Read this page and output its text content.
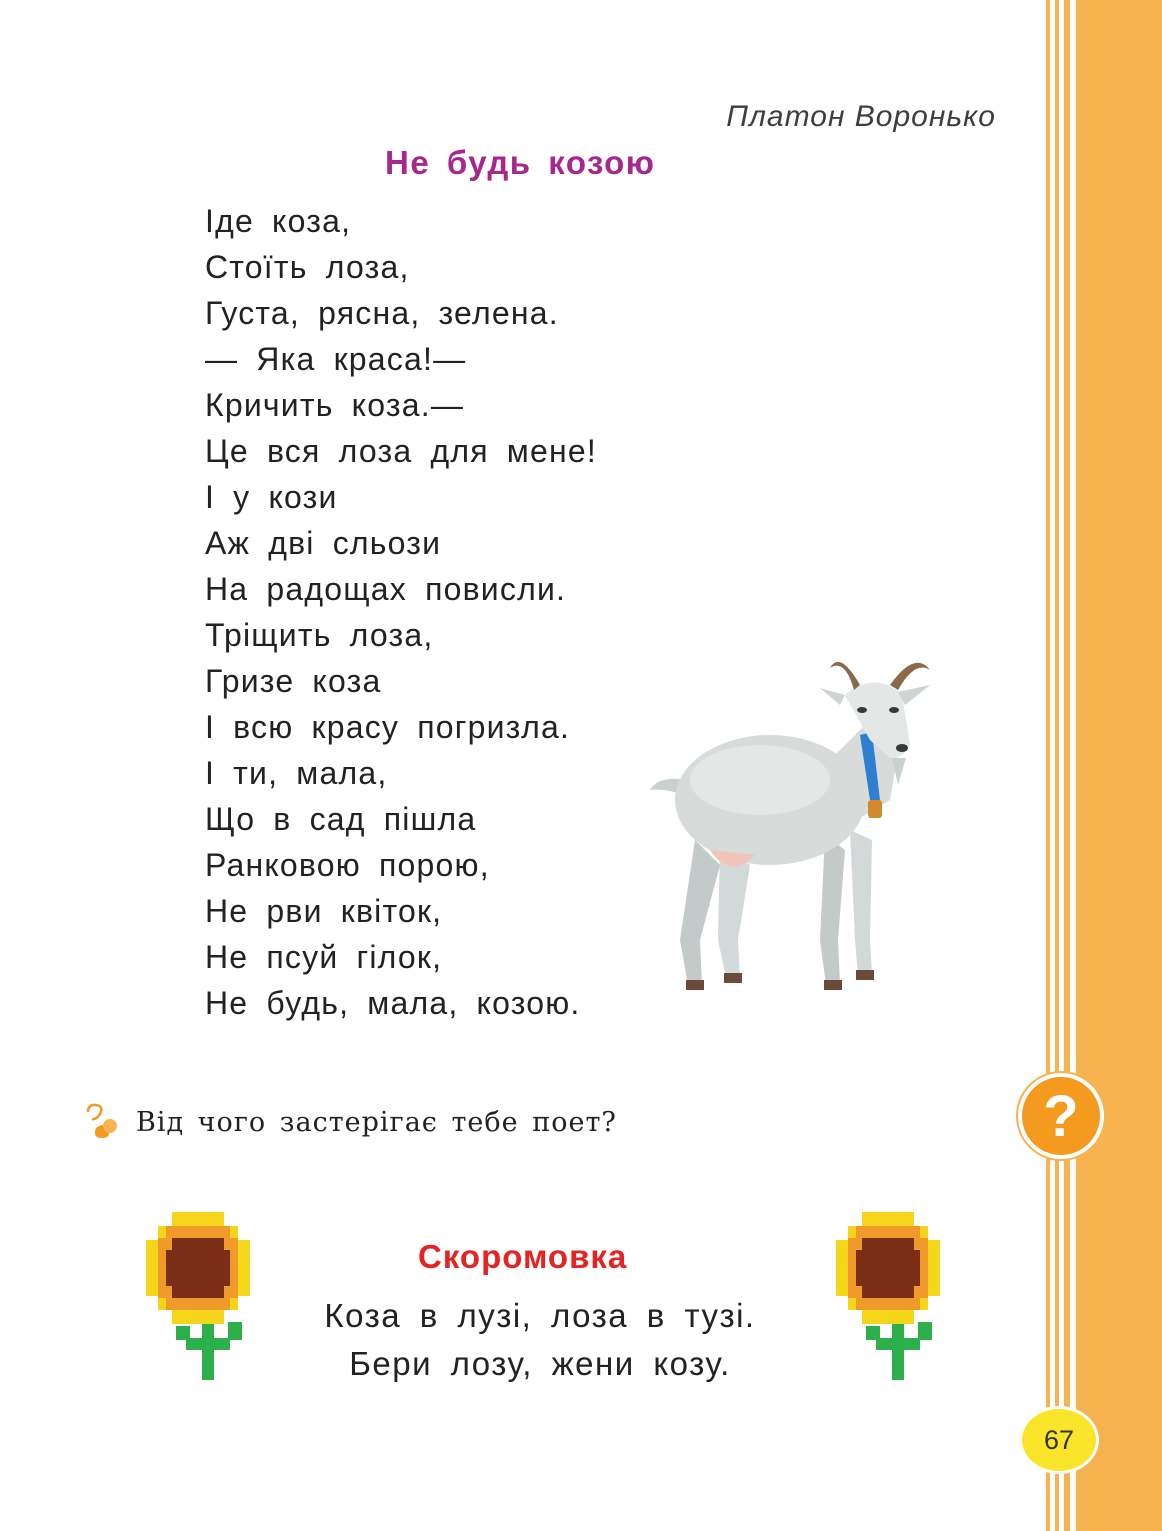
Платон Воронько
Не будь козою
Іде коза,
Стоїть лоза,
Густа, рясна, зелена.
— Яка краса!—
Кричить коза.—
Це вся лоза для мене!
І у кози
Аж дві сльози
На радощах повисли.
Тріщить лоза,
Гризе коза
І всю красу погризла.
І ти, мала,
Що в сад пішла
Ранковою порою,
Не рви квіток,
Не псуй гілок,
Не будь, мала, козою.
Від чого застерігає тебе поет?	?
Скоромовка
Коза в лузі, лоза в тузі.
Бери лозу, жени козу.
67
